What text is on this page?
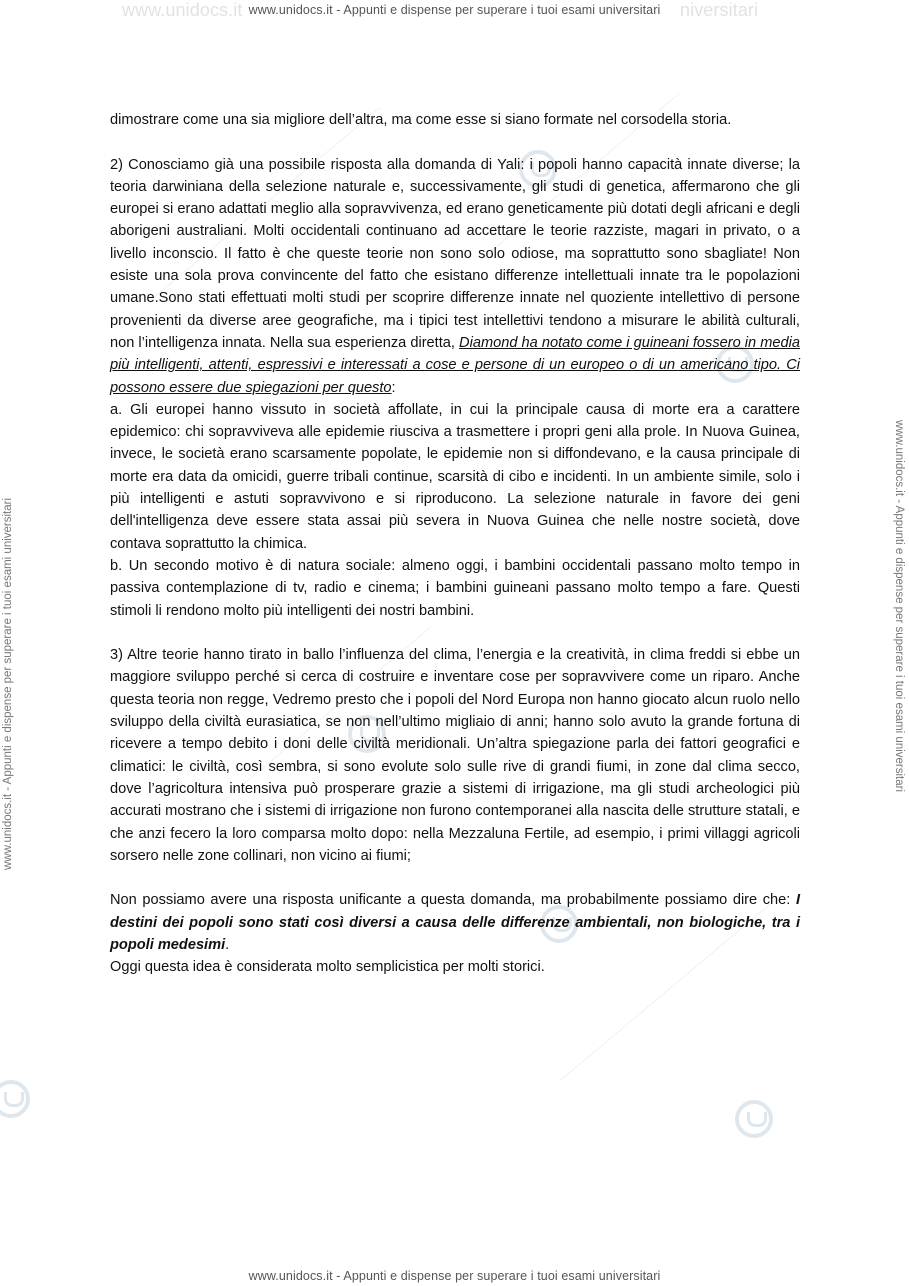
www.unidocs.it www.unidocs.it - Appunti e dispense per superare i tuoi esami universitari niversitari
www.unidocs.it - Appunti e dispense per superare i tuoi esami universitari	www.unidocs.it - Appunti e dispense per superare i tuoi esami universitari

dimostrare come una sia migliore dell’altra, ma come esse si siano formate nel corsodella storia.

2) Conosciamo già una possibile risposta alla domanda di Yali: i popoli hanno capacità innate diverse; la teoria darwiniana della selezione naturale e, successivamente, gli studi di genetica, affermarono che gli europei si erano adattati meglio alla sopravvivenza, ed erano geneticamente più dotati degli africani e degli aborigeni australiani. Molti occidentali continuano ad accettare le teorie razziste, magari in privato, o a livello inconscio. Il fatto è che queste teorie non sono solo odiose, ma soprattutto sono sbagliate! Non esiste una sola prova convincente del fatto che esistano differenze intellettuali innate tra le popolazioni umane.Sono stati effettuati molti studi per scoprire differenze innate nel quoziente intellettivo di persone provenienti da diverse aree geografiche, ma i tipici test intellettivi tendono a misurare le abilità culturali, non l’intelligenza innata. Nella sua esperienza diretta, Diamond ha notato come i guineani fossero in media più intelligenti, attenti, espressivi e interessati a cose e persone di un europeo o di un americano tipo. Ci possono essere due spiegazioni per questo:

a. Gli europei hanno vissuto in società affollate, in cui la principale causa di morte era a carattere epidemico: chi sopravviveva alle epidemie riusciva a trasmettere i propri geni alla prole. In Nuova Guinea, invece, le società erano scarsamente popolate, le epidemie non si diffondevano, e la causa principale di morte era data da omicidi, guerre tribali continue, scarsità di cibo e incidenti. In un ambiente simile, solo i più intelligenti e astuti sopravvivono e si riproducono. La selezione naturale in favore dei geni dell'intelligenza deve essere stata assai più severa in Nuova Guinea che nelle nostre società, dove contava soprattutto la chimica.

b. Un secondo motivo è di natura sociale: almeno oggi, i bambini occidentali passano molto tempo in passiva contemplazione di tv, radio e cinema; i bambini guineani passano molto tempo a fare. Questi stimoli li rendono molto più intelligenti dei nostri bambini.

3) Altre teorie hanno tirato in ballo l’influenza del clima, l’energia e la creatività, in clima freddi si ebbe un maggiore sviluppo perché si cerca di costruire e inventare cose per sopravvivere come un riparo. Anche questa teoria non regge, Vedremo presto che i popoli del Nord Europa non hanno giocato alcun ruolo nello sviluppo della civiltà eurasiatica, se non nell’ultimo migliaio di anni; hanno solo avuto la grande fortuna di ricevere a tempo debito i doni delle civiltà meridionali. Un’altra spiegazione parla dei fattori geografici e climatici: le civiltà, così sembra, si sono evolute solo sulle rive di grandi fiumi, in zone dal clima secco, dove l’agricoltura intensiva può prosperare grazie a sistemi di irrigazione, ma gli studi archeologici più accurati mostrano che i sistemi di irrigazione non furono contemporanei alla nascita delle strutture statali, e che anzi fecero la loro comparsa molto dopo: nella Mezzaluna Fertile, ad esempio, i primi villaggi agricoli sorsero nelle zone collinari, non vicino ai fiumi;

Non possiamo avere una risposta unificante a questa domanda, ma probabilmente possiamo dire che: I destini dei popoli sono stati così diversi a causa delle differenze ambientali, non biologiche, tra i popoli medesimi.

Oggi questa idea è considerata molto semplicistica per molti storici.

www.unidocs.it - Appunti e dispense per superare i tuoi esami universitari
